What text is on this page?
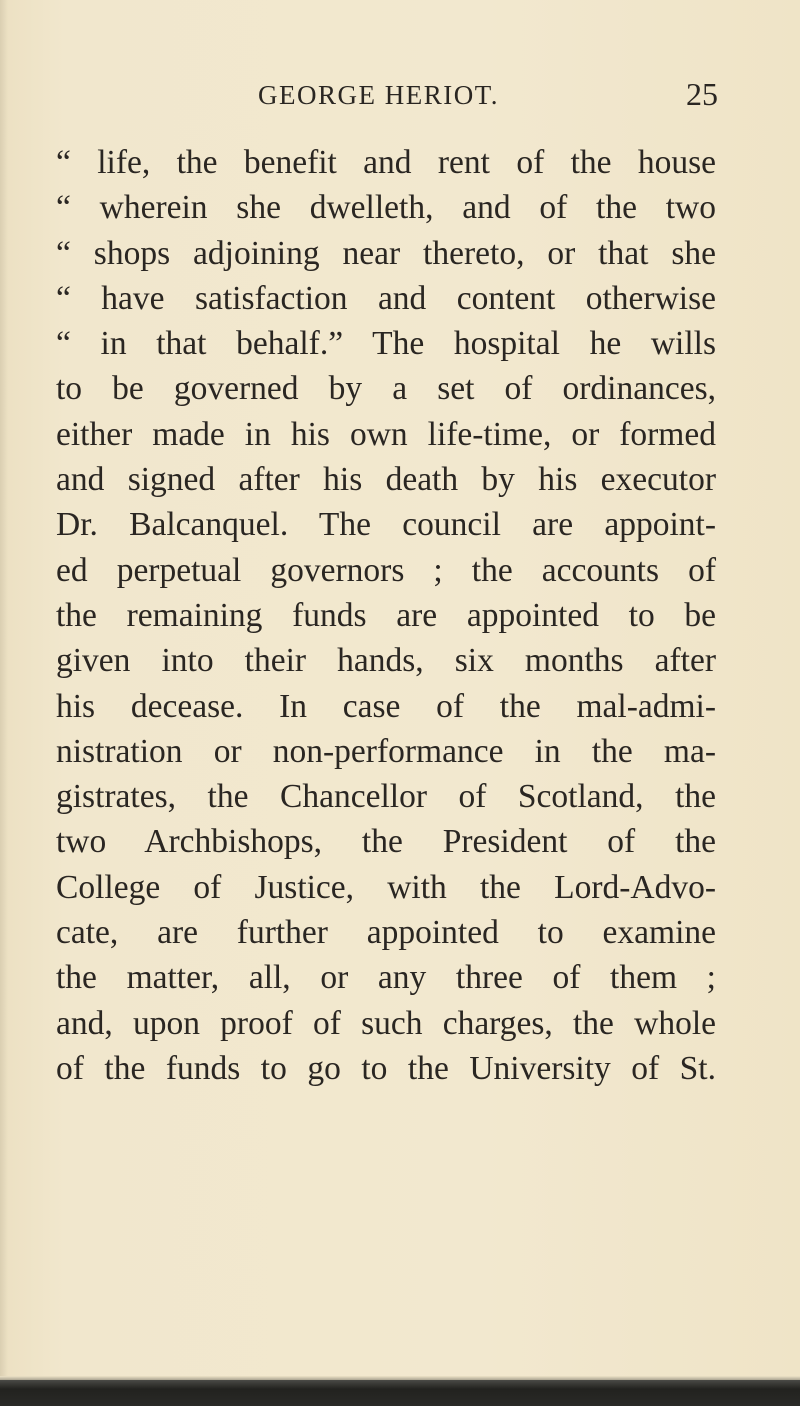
GEORGE HERIOT.	25
“ life, the benefit and rent of the house
“ wherein she dwelleth, and of the two
“ shops adjoining near thereto, or that she
“ have satisfaction and content otherwise
“ in that behalf.” The hospital he wills
to be governed by a set of ordinances,
either made in his own life-time, or formed
and signed after his death by his executor
Dr. Balcanquel. The council are appoint-
ed perpetual governors ; the accounts of
the remaining funds are appointed to be
given into their hands, six months after
his decease. In case of the mal-admi-
nistration or non-performance in the ma-
gistrates, the Chancellor of Scotland, the
two Archbishops, the President of the
College of Justice, with the Lord-Advo-
cate, are further appointed to examine
the matter, all, or any three of them ;
and, upon proof of such charges, the whole
of the funds to go to the University of St.
